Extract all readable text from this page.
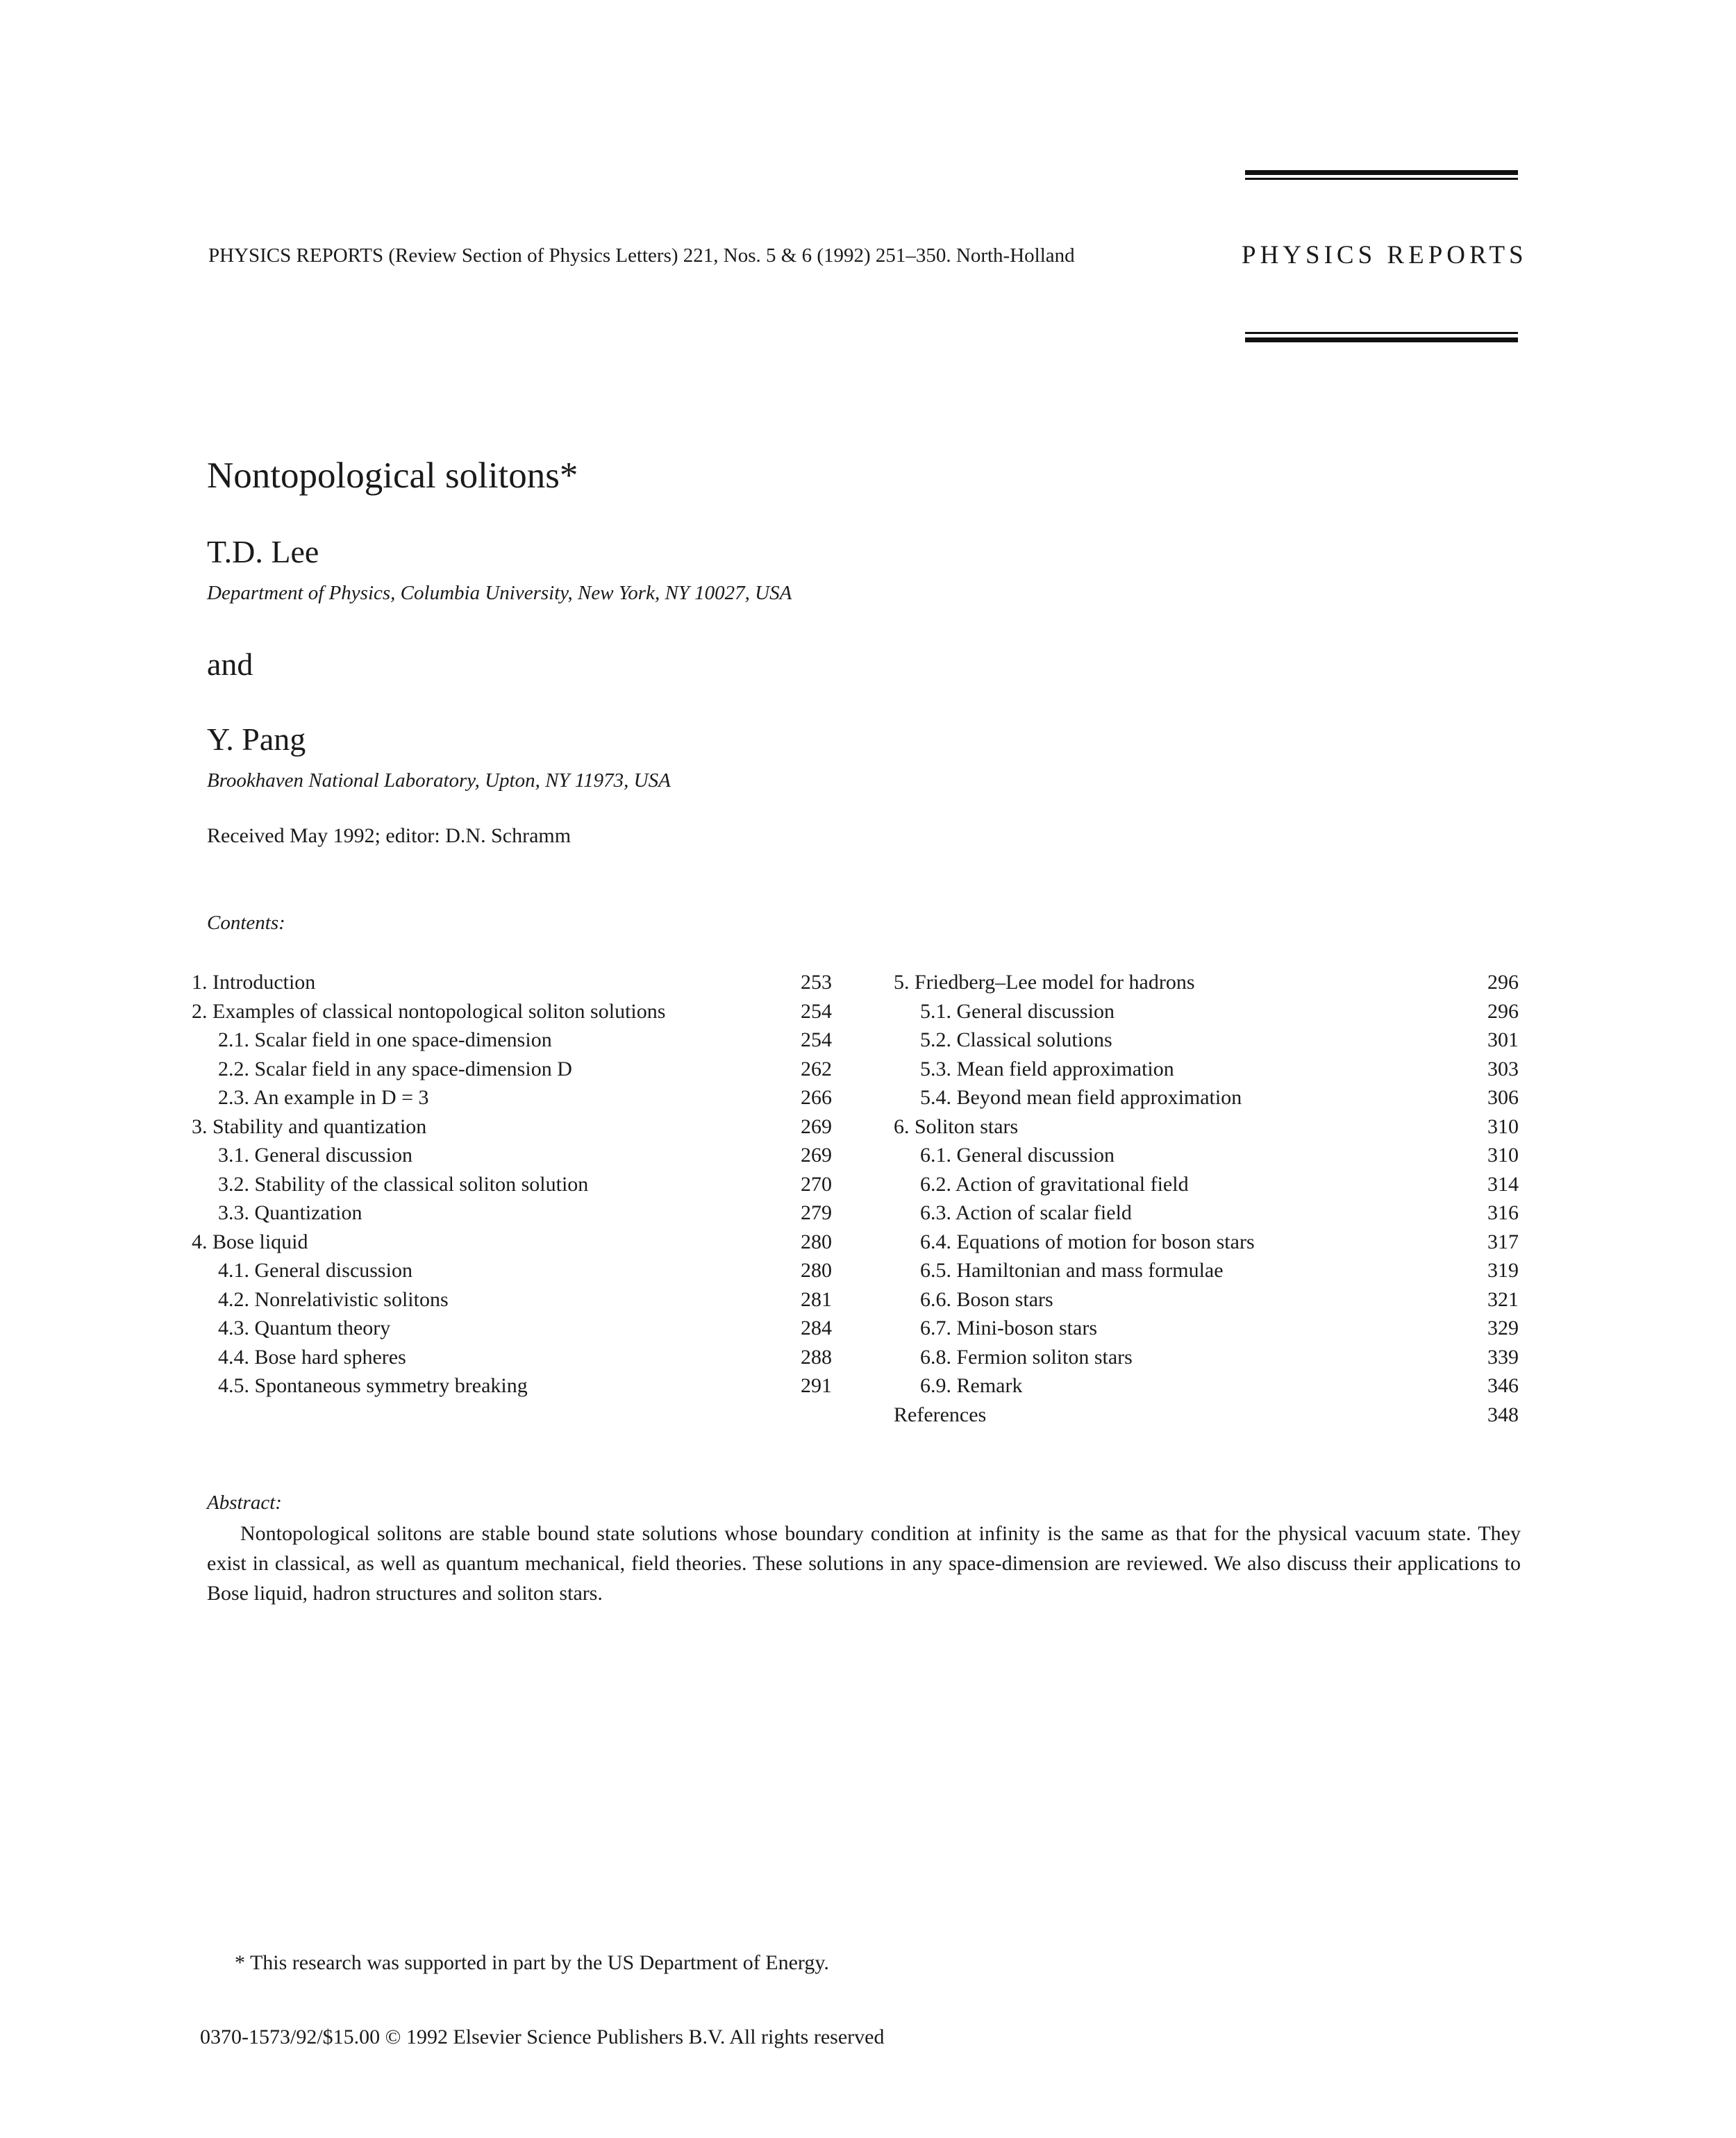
PHYSICS REPORTS (Review Section of Physics Letters) 221, Nos. 5 & 6 (1992) 251–350. North-Holland	PHYSICS REPORTS
Nontopological solitons*
T.D. Lee
Department of Physics, Columbia University, New York, NY 10027, USA
and
Y. Pang
Brookhaven National Laboratory, Upton, NY 11973, USA
Received May 1992; editor: D.N. Schramm
Contents:
1. Introduction	253
2. Examples of classical nontopological soliton solutions	254
2.1. Scalar field in one space-dimension	254
2.2. Scalar field in any space-dimension D	262
2.3. An example in D = 3	266
3. Stability and quantization	269
3.1. General discussion	269
3.2. Stability of the classical soliton solution	270
3.3. Quantization	279
4. Bose liquid	280
4.1. General discussion	280
4.2. Nonrelativistic solitons	281
4.3. Quantum theory	284
4.4. Bose hard spheres	288
4.5. Spontaneous symmetry breaking	291
5. Friedberg–Lee model for hadrons	296
5.1. General discussion	296
5.2. Classical solutions	301
5.3. Mean field approximation	303
5.4. Beyond mean field approximation	306
6. Soliton stars	310
6.1. General discussion	310
6.2. Action of gravitational field	314
6.3. Action of scalar field	316
6.4. Equations of motion for boson stars	317
6.5. Hamiltonian and mass formulae	319
6.6. Boson stars	321
6.7. Mini-boson stars	329
6.8. Fermion soliton stars	339
6.9. Remark	346
References	348
Abstract:
Nontopological solitons are stable bound state solutions whose boundary condition at infinity is the same as that for the physical vacuum state. They exist in classical, as well as quantum mechanical, field theories. These solutions in any space-dimension are reviewed. We also discuss their applications to Bose liquid, hadron structures and soliton stars.
* This research was supported in part by the US Department of Energy.
0370-1573/92/$15.00 © 1992 Elsevier Science Publishers B.V. All rights reserved
